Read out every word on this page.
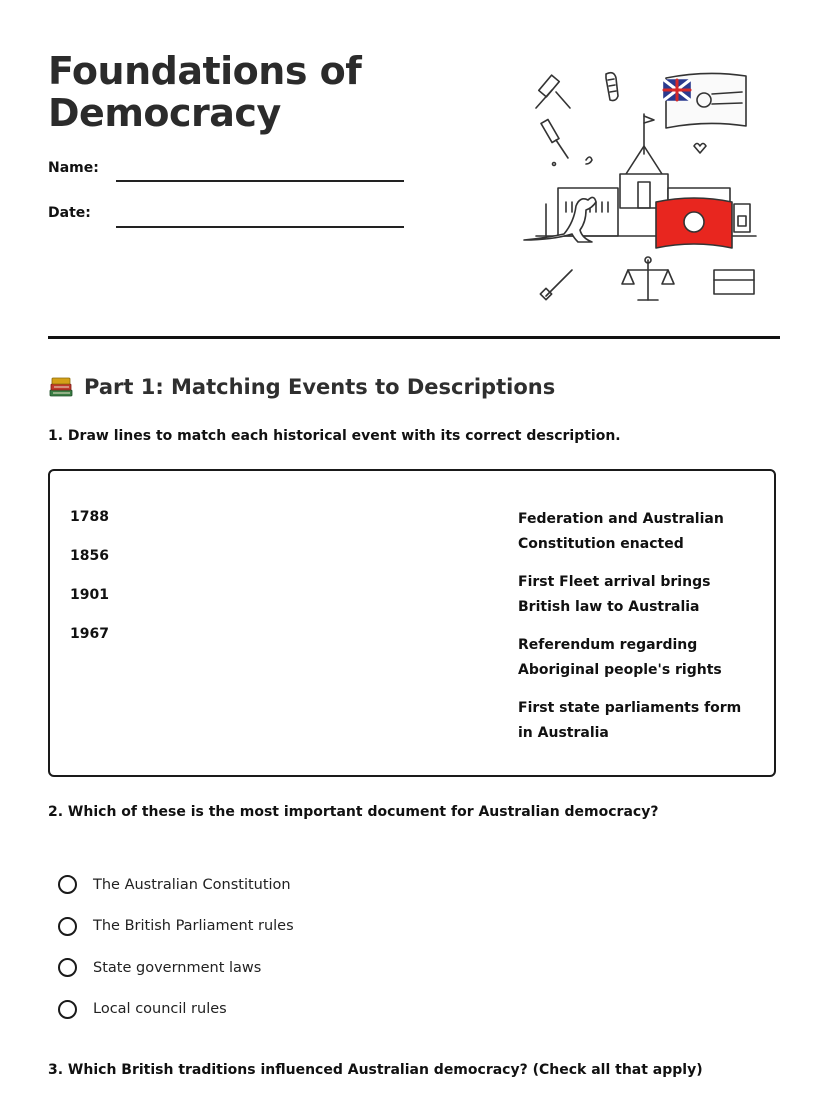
Foundations of
Democracy
Name:
Date:
Part 1: Matching Events to Descriptions

1. Draw lines to match each historical event with its correct description.

1788
1856
1901
1967
Federation and Australian Constitution enacted
First Fleet arrival brings British law to Australia
Referendum regarding Aboriginal people's rights
First state parliaments form in Australia

2. Which of these is the most important document for Australian democracy?

The Australian Constitution
The British Parliament rules
State government laws
Local council rules

3. Which British traditions influenced Australian democracy? (Check all that apply)
